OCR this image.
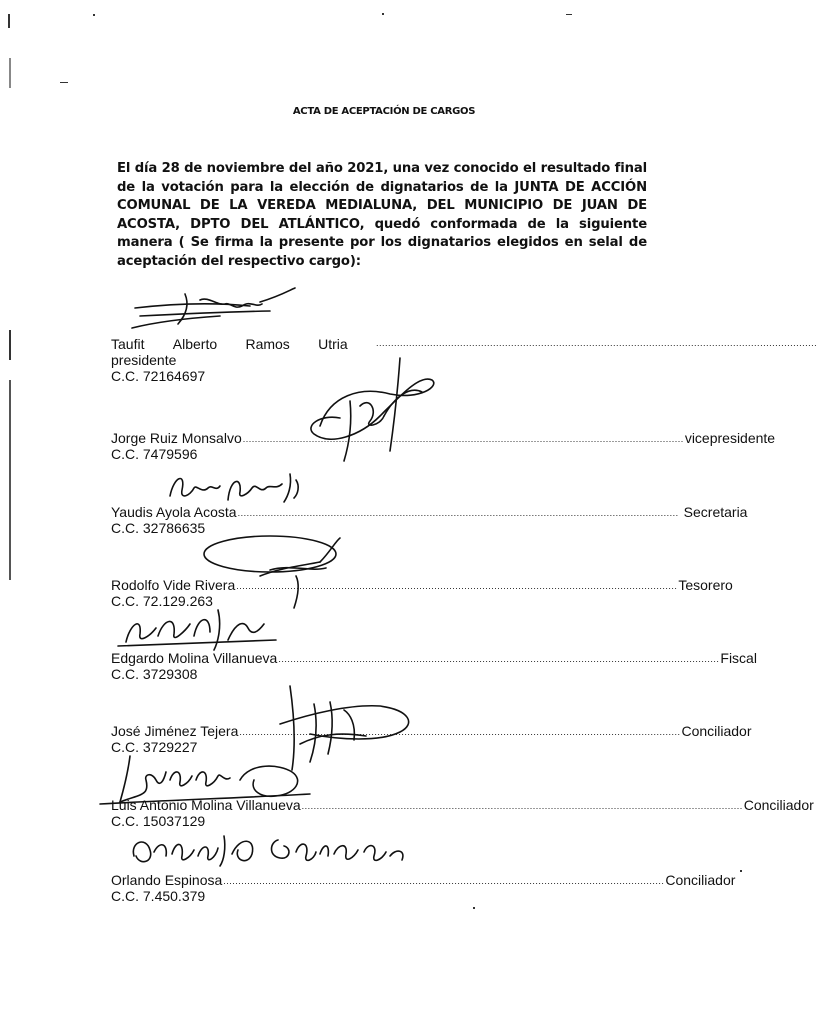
ACTA DE ACEPTACIÓN DE CARGOS
El día 28 de noviembre del año 2021, una vez conocido el resultado final de la votación para la elección de dignatarios de la JUNTA DE ACCIÓN COMUNAL DE LA VEREDA MEDIALUNA, DEL MUNICIPIO DE JUAN DE ACOSTA, DPTO DEL ATLÁNTICO, quedó conformada de la siguiente manera ( Se firma la presente por los dignatarios elegidos en selal de aceptación del respectivo cargo):
Taufit Alberto Ramos Utria	...................................................................................................................................................
presidente
C.C. 72164697
Jorge Ruiz Monsalvo ................................................................................................................................................... vicepresidente
C.C. 7479596
Yaudis Ayola Acosta ................................................................................................................................................... Secretaria
C.C. 32786635
Rodolfo Vide Rivera ................................................................................................................................................... Tesorero
C.C. 72.129.263
Edgardo Molina Villanueva ................................................................................................................................................... Fiscal
C.C. 3729308
José Jiménez Tejera ................................................................................................................................................... Conciliador
C.C. 3729227
Luis Antonio Molina Villanueva ................................................................................................................................................... Conciliador
C.C. 15037129
Orlando Espinosa ................................................................................................................................................... Conciliador
C.C. 7.450.379
